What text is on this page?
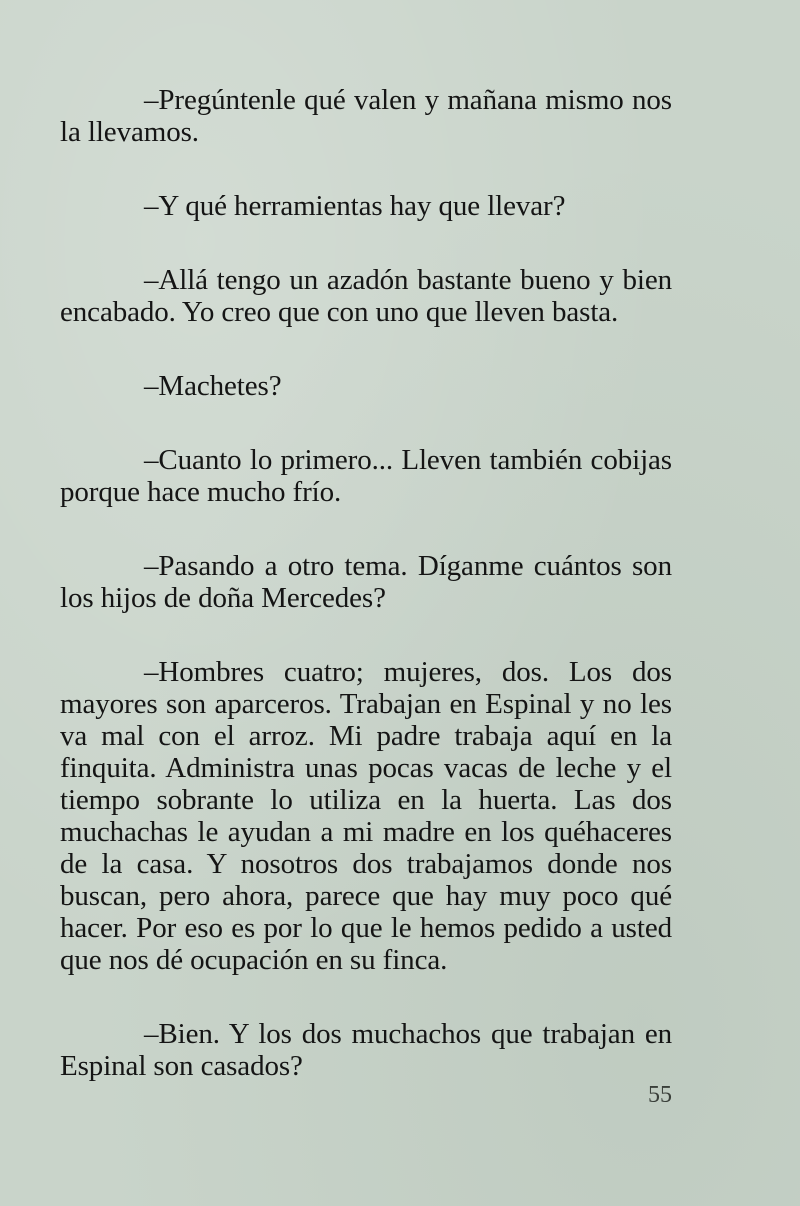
–Pregúntenle qué valen y mañana mismo nos la llevamos.

–Y qué herramientas hay que llevar?

–Allá tengo un azadón bastante bueno y bien encabado. Yo creo que con uno que lleven basta.

–Machetes?

–Cuanto lo primero... Lleven también cobijas porque hace mucho frío.

–Pasando a otro tema. Díganme cuántos son los hijos de doña Mercedes?

–Hombres cuatro; mujeres, dos. Los dos mayores son aparceros. Trabajan en Espinal y no les va mal con el arroz. Mi padre trabaja aquí en la finquita. Administra unas pocas vacas de leche y el tiempo sobrante lo utiliza en la huerta. Las dos muchachas le ayudan a mi madre en los quéhaceres de la casa. Y nosotros dos trabajamos donde nos buscan, pero ahora, parece que hay muy poco qué hacer. Por eso es por lo que le hemos pedido a usted que nos dé ocupación en su finca.

–Bien. Y los dos muchachos que trabajan en Espinal son casados?

55
